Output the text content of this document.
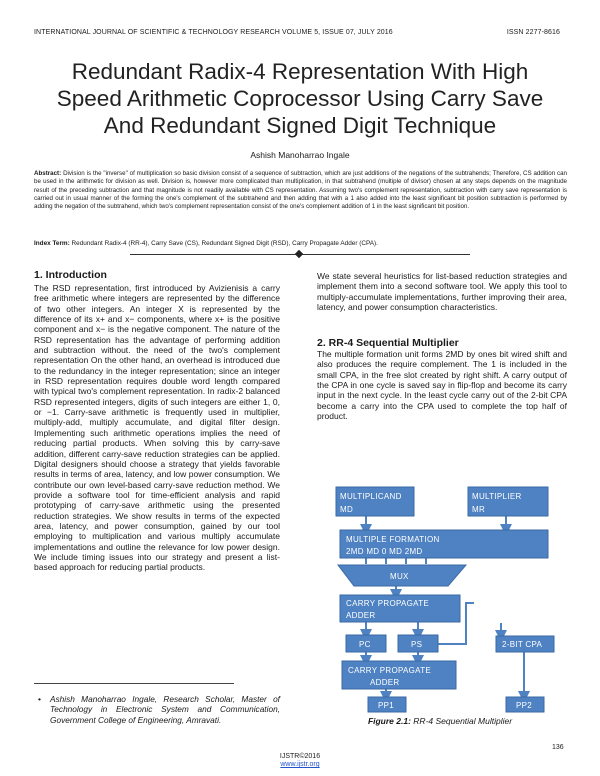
INTERNATIONAL JOURNAL OF SCIENTIFIC & TECHNOLOGY RESEARCH VOLUME 5, ISSUE 07, JULY 2016	ISSN 2277-8616
Redundant Radix-4 Representation With High
Speed Arithmetic Coprocessor Using Carry Save
And Redundant Signed Digit Technique
Ashish Manoharrao Ingale
Abstract: Division is the "inverse" of multiplication so basic division consist of a sequence of subtraction, which are just additions of the negations of the subtrahends; Therefore, CS addition can be used in the arithmetic for division as well. Division is, however more complicated than multiplication, in that subtrahend (multiple of divisor) chosen at any steps depends on the magnitude result of the preceding subtraction and that magnitude is not readily available with CS representation. Assuming two's complement representation, subtraction with carry save representation is carried out in usual manner of the forming the one's complement of the subtrahend and then adding that with a 1 also added into the least significant bit position subtraction is performed by adding the negation of the subtrahend, which two's complement representation consist of the one's complement addition of 1 in the least significant bit position.
Index Term: Redundant Radix-4 (RR-4), Carry Save (CS), Redundant Signed Digit (RSD), Carry Propagate Adder (CPA).
1. Introduction
The RSD representation, first introduced by Avizienisis a carry free arithmetic where integers are represented by the difference of two other integers. An integer X is represented by the difference of its x+ and x− components, where x+ is the positive component and x− is the negative component. The nature of the RSD representation has the advantage of performing addition and subtraction without. the need of the two's complement representation On the other hand, an overhead is introduced due to the redundancy in the integer representation; since an integer in RSD representation requires double word length compared with typical two's complement representation. In radix-2 balanced RSD represented integers, digits of such integers are either 1, 0, or −1. Carry-save arithmetic is frequently used in multiplier, multiply-add, multiply accumulate, and digital filter design. Implementing such arithmetic operations implies the need of reducing partial products. When solving this by carry-save addition, different carry-save reduction strategies can be applied. Digital designers should choose a strategy that yields favorable results in terms of area, latency, and low power consumption. We contribute our own level-based carry-save reduction method. We provide a software tool for time-efficient analysis and rapid prototyping of carry-save arithmetic using the presented reduction strategies. We show results in terms of the expected area, latency, and power consumption, gained by our tool employing to multiplication and various multiply accumulate implementations and outline the relevance for low power design. We include timing issues into our strategy and present a list-based approach for reducing partial products.
We state several heuristics for list-based reduction strategies and implement them into a second software tool. We apply this tool to multiply-accumulate implementations, further improving their area, latency, and power consumption characteristics.
2. RR-4 Sequential Multiplier
The multiple formation unit forms 2MD by ones bit wired shift and also produces the require complement. The 1 is included in the small CPA, in the free slot created by right shift. A carry output of the CPA in one cycle is saved say in flip-flop and become its carry input in the next cycle. In the least cycle carry out of the 2-bit CPA become a carry into the CPA used to complete the top half of product.
MULTIPLICAND
MD
MULTIPLIER
MR
MULTIPLE FORMATION
2MD MD 0 MD 2MD
MUX
CARRY PROPAGATE
ADDER
PC	PS
CARRY PROPAGATE
ADDER
2-BIT CPA
PP1	PP2
• Ashish Manoharrao Ingale, Research Scholar, Master of Technology in Electronic System and Communication, Government College of Engineering, Amravati.	Figure 2.1: RR-4 Sequential Multiplier
136
IJSTR©2016
www.ijstr.org
